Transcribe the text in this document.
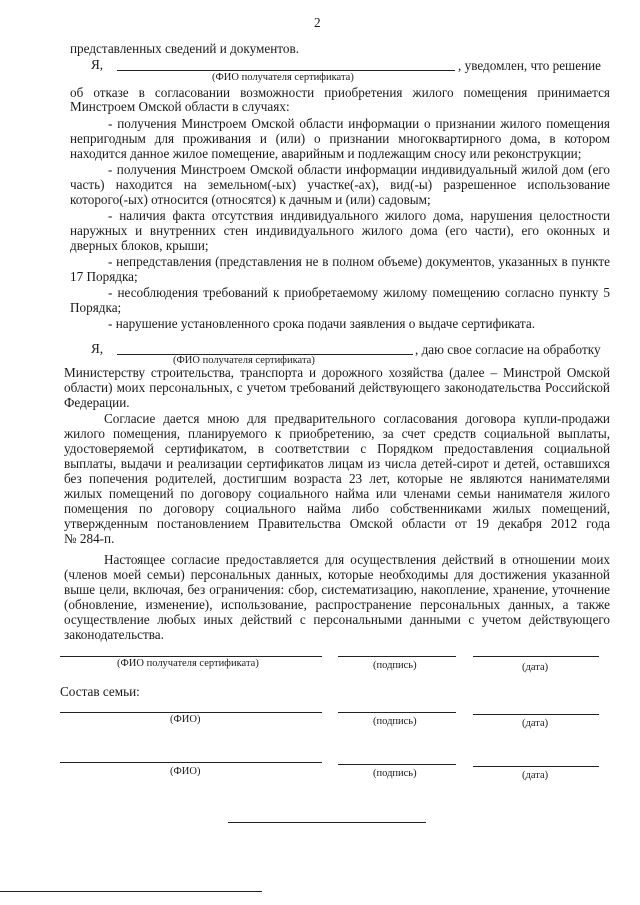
2
представленных сведений и документов.
Я,	, уведомлен, что решение
(ФИО получателя сертификата)
об отказе в согласовании возможности приобретения жилого помещения принимается
Минстроем Омской области в случаях:
- получения Минстроем Омской области информации о признании жилого помещения
непригодным для проживания и (или) о признании многоквартирного дома, в котором
находится данное жилое помещение, аварийным и подлежащим сносу или реконструкции;
- получения Минстроем Омской области информации индивидуальный жилой дом (его
часть) находится на земельном(-ых) участке(-ах), вид(-ы) разрешенное использование
которого(-ых) относится (относятся) к дачным и (или) садовым;
- наличия факта отсутствия индивидуального жилого дома, нарушения целостности
наружных и внутренних стен индивидуального жилого дома (его части), его оконных и
дверных блоков, крыши;
- непредставления (представления не в полном объеме) документов, указанных в пункте
17 Порядка;
- несоблюдения требований к приобретаемому жилому помещению согласно пункту 5
Порядка;
- нарушение установленного срока подачи заявления о выдаче сертификата.
Я,	, даю свое согласие на обработку
(ФИО получателя сертификата)
Министерству строительства, транспорта и дорожного хозяйства (далее – Минстрой Омской
области) моих персональных, с учетом требований действующего законодательства Российской
Федерации.
Согласие дается мною для предварительного согласования договора купли-продажи
жилого помещения, планируемого к приобретению, за счет средств социальной выплаты,
удостоверяемой сертификатом, в соответствии с Порядком предоставления социальной
выплаты, выдачи и реализации сертификатов лицам из числа детей-сирот и детей, оставшихся
без попечения родителей, достигшим возраста 23 лет, которые не являются нанимателями
жилых помещений по договору социального найма или членами семьи нанимателя жилого
помещения по договору социального найма либо собственниками жилых помещений,
утвержденным постановлением Правительства Омской области от 19 декабря 2012 года
№ 284-п.
Настоящее согласие предоставляется для осуществления действий в отношении моих
(членов моей семьи) персональных данных, которые необходимы для достижения указанной
выше цели, включая, без ограничения: сбор, систематизацию, накопление, хранение, уточнение
(обновление, изменение), использование, распространение персональных данных, а также
осуществление любых иных действий с персональными данными с учетом действующего
законодательства.
(ФИО получателя сертификата)	(подпись)	(дата)
Состав семьи:
(ФИО)	(подпись)	(дата)
(ФИО)	(подпись)	(дата)
